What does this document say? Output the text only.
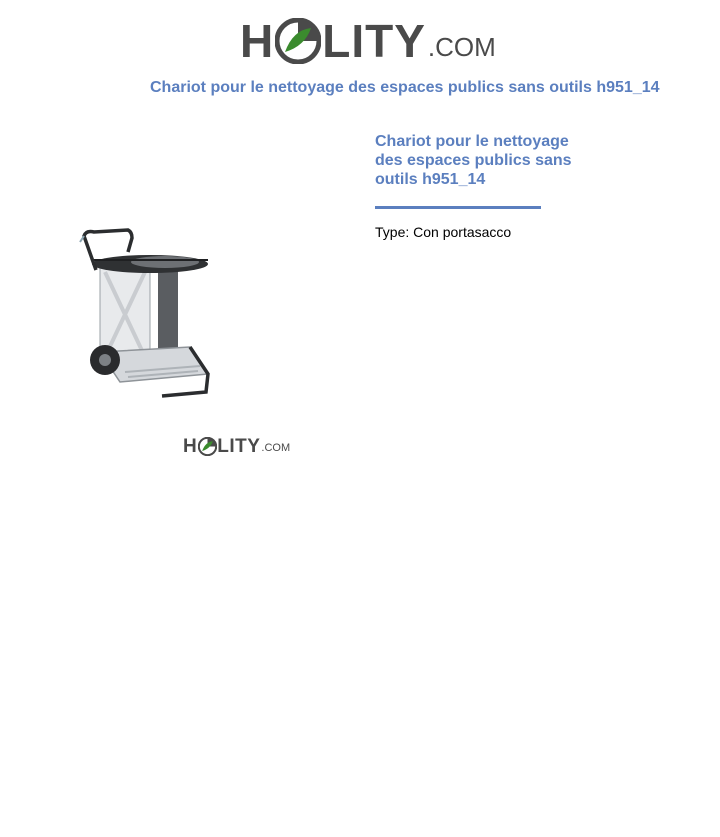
H LITY .COM
Chariot pour le nettoyage des espaces publics sans outils h951_14
H LITY .COM
Chariot pour le nettoyage des espaces publics sans outils h951_14
Type: Con portasacco
